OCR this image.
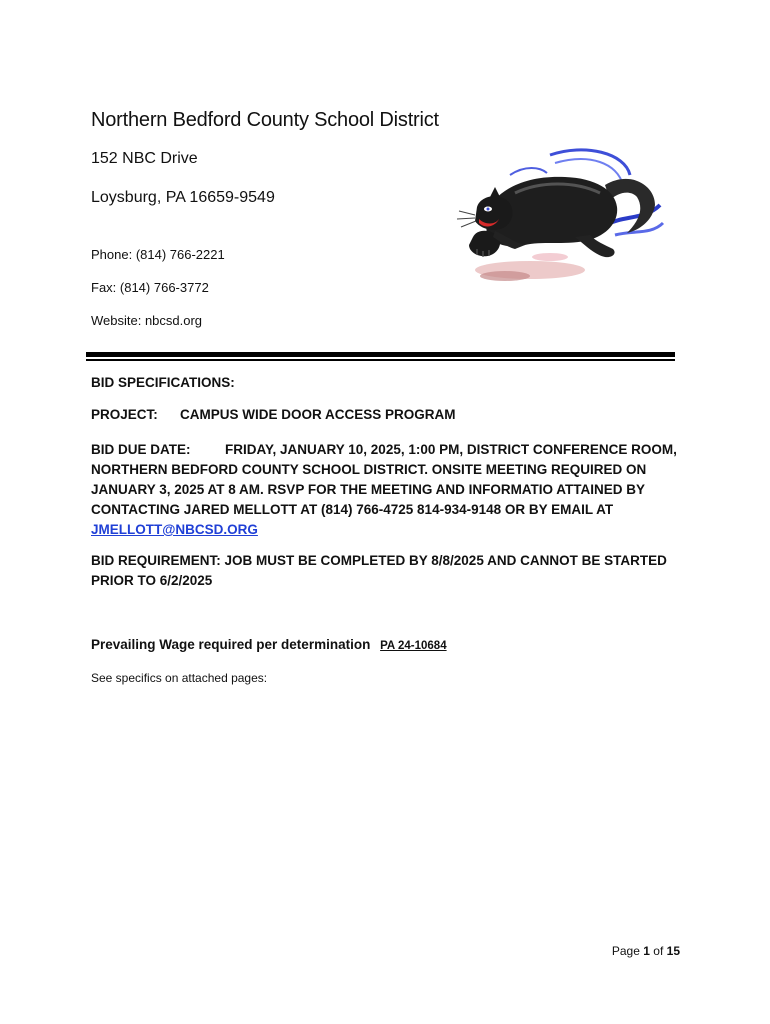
Northern Bedford County School District
152 NBC Drive
Loysburg, PA 16659-9549
Phone: (814) 766-2221
Fax: (814) 766-3772
Website: nbcsd.org
BID SPECIFICATIONS:
PROJECT: CAMPUS WIDE DOOR ACCESS PROGRAM
BID DUE DATE:	FRIDAY, JANUARY 10, 2025, 1:00 PM, DISTRICT CONFERENCE ROOM, NORTHERN BEDFORD COUNTY SCHOOL DISTRICT. ONSITE MEETING REQUIRED ON JANUARY 3, 2025 AT 8 AM. RSVP FOR THE MEETING AND INFORMATIO ATTAINED BY CONTACTING JARED MELLOTT AT (814) 766-4725 814-934-9148 OR BY EMAIL AT JMELLOTT@NBCSD.ORG
BID REQUIREMENT: JOB MUST BE COMPLETED BY 8/8/2025 AND CANNOT BE STARTED PRIOR TO 6/2/2025
Prevailing Wage required per determination PA 24-10684
See specifics on attached pages:
Page 1 of 15
